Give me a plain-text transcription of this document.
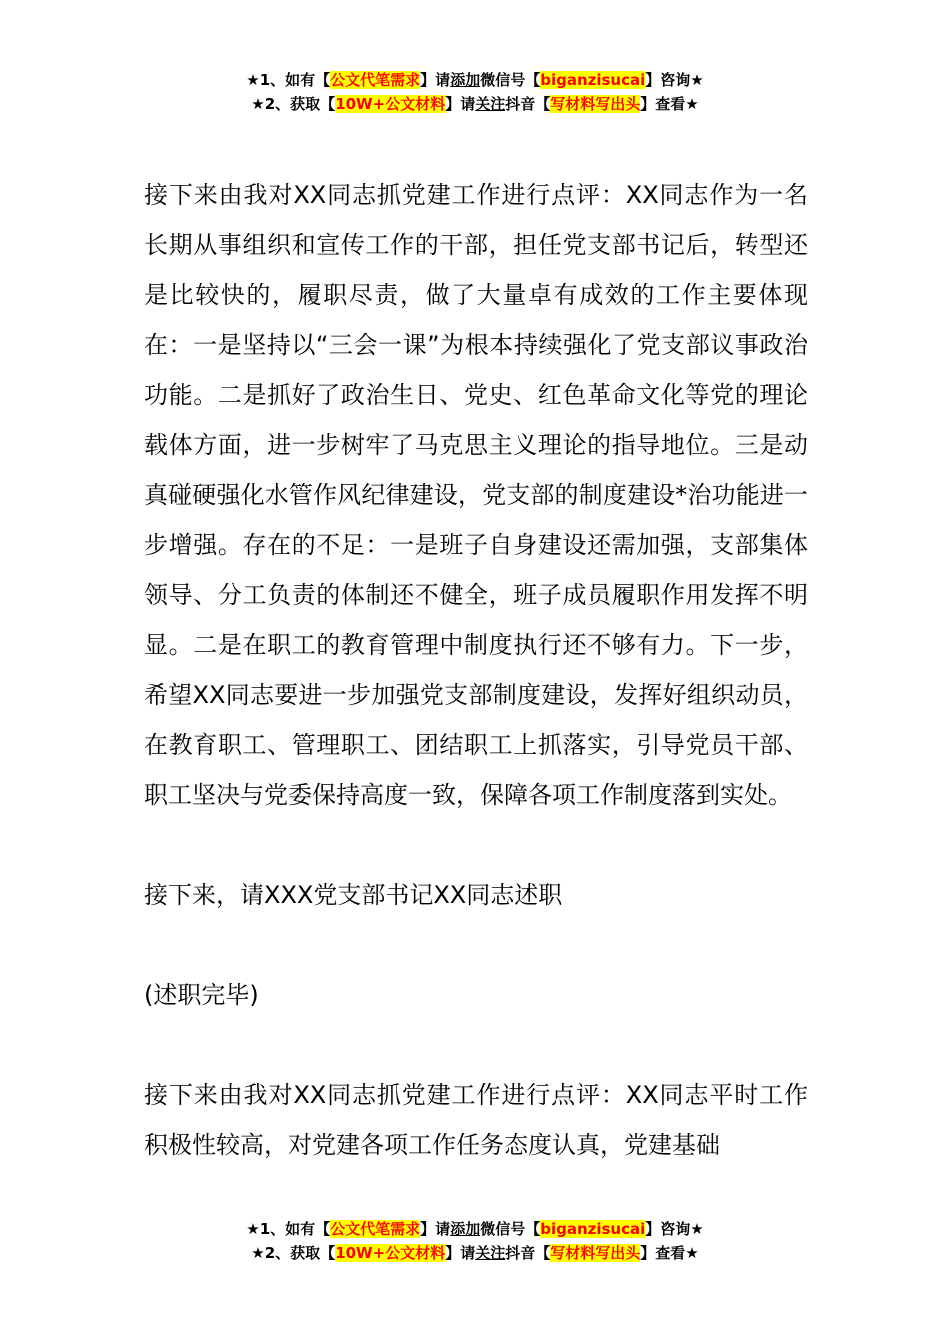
★1、如有【公文代笔需求】请添加微信号【biganzisucai】咨询★
★2、获取【10W+公文材料】请关注抖音【写材料写出头】查看★

接下来由我对XX同志抓党建工作进行点评：XX同志作为一名长期从事组织和宣传工作的干部，担任党支部书记后，转型还是比较快的，履职尽责，做了大量卓有成效的工作主要体现在：一是坚持以“三会一课”为根本持续强化了党支部议事政治功能。二是抓好了政治生日、党史、红色革命文化等党的理论载体方面，进一步树牢了马克思主义理论的指导地位。三是动真碰硬强化水管作风纪律建设，党支部的制度建设*治功能进一步增强。存在的不足：一是班子自身建设还需加强，支部集体领导、分工负责的体制还不健全，班子成员履职作用发挥不明显。二是在职工的教育管理中制度执行还不够有力。下一步，希望XX同志要进一步加强党支部制度建设，发挥好组织动员，在教育职工、管理职工、团结职工上抓落实，引导党员干部、职工坚决与党委保持高度一致，保障各项工作制度落到实处。

接下来，请XXX党支部书记XX同志述职

(述职完毕)

接下来由我对XX同志抓党建工作进行点评：XX同志平时工作积极性较高，对党建各项工作任务态度认真，党建基础

★1、如有【公文代笔需求】请添加微信号【biganzisucai】咨询★
★2、获取【10W+公文材料】请关注抖音【写材料写出头】查看★
